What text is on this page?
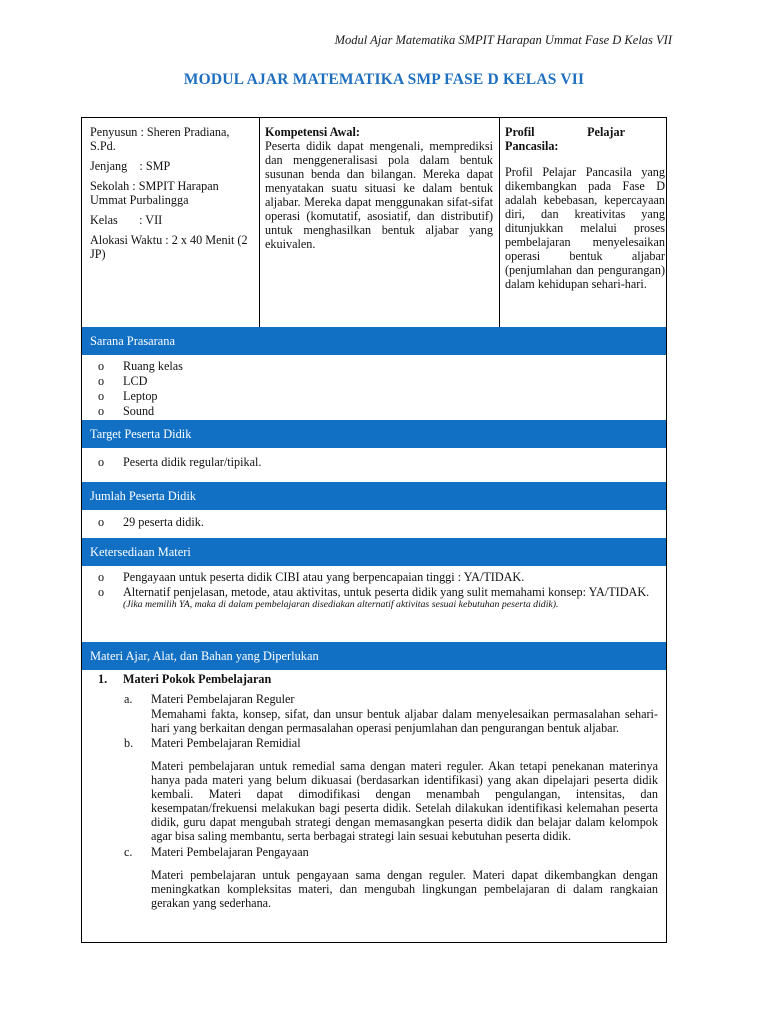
Modul Ajar Matematika SMPIT Harapan Ummat Fase D Kelas VII
MODUL AJAR MATEMATIKA SMP FASE D KELAS VII

Penyusun : Sheren Pradiana, S.Pd.

Jenjang    : SMP

Sekolah : SMPIT Harapan Ummat Purbalingga

Kelas       : VII

Alokasi Waktu : 2 x 40 Menit (2 JP)

Kompetensi Awal:
Peserta didik dapat mengenali, memprediksi dan menggeneralisasi pola dalam bentuk susunan benda dan bilangan. Mereka dapat menyatakan suatu situasi ke dalam bentuk aljabar. Mereka dapat menggunakan sifat-sifat operasi (komutatif, asosiatif, dan distributif) untuk menghasilkan bentuk aljabar yang ekuivalen.
Profil Pelajar Pancasila:
Profil Pelajar Pancasila yang dikembangkan pada Fase D adalah kebebasan, kepercayaan diri, dan kreativitas yang ditunjukkan melalui proses pembelajaran menyelesaikan operasi bentuk aljabar (penjumlahan dan pengurangan) dalam kehidupan sehari-hari.
Sarana Prasarana
o Ruang kelas
o LCD
o Leptop
o Sound
Target Peserta Didik
o Peserta didik regular/tipikal.
Jumlah Peserta Didik
o 29 peserta didik.
Ketersediaan Materi
o Pengayaan untuk peserta didik CIBI atau yang berpencapaian tinggi : YA/TIDAK.
o Alternatif penjelasan, metode, atau aktivitas, untuk peserta didik yang sulit memahami konsep: YA/TIDAK.
(Jika memilih YA, maka di dalam pembelajaran disediakan alternatif aktivitas sesuai kebutuhan peserta didik).
Materi Ajar, Alat, dan Bahan yang Diperlukan
1. Materi Pokok Pembelajaran
a. Materi Pembelajaran Reguler
Memahami fakta, konsep, sifat, dan unsur bentuk aljabar dalam menyelesaikan permasalahan sehari-hari yang berkaitan dengan permasalahan operasi penjumlahan dan pengurangan bentuk aljabar.
b. Materi Pembelajaran Remidial
Materi pembelajaran untuk remedial sama dengan materi reguler. Akan tetapi penekanan materinya hanya pada materi yang belum dikuasai (berdasarkan identifikasi) yang akan dipelajari peserta didik kembali. Materi dapat dimodifikasi dengan menambah pengulangan, intensitas, dan kesempatan/frekuensi melakukan bagi peserta didik. Setelah dilakukan identifikasi kelemahan peserta didik, guru dapat mengubah strategi dengan memasangkan peserta didik dan belajar dalam kelompok agar bisa saling membantu, serta berbagai strategi lain sesuai kebutuhan peserta didik.
c. Materi Pembelajaran Pengayaan
Materi pembelajaran untuk pengayaan sama dengan reguler. Materi dapat dikembangkan dengan meningkatkan kompleksitas materi, dan mengubah lingkungan pembelajaran di dalam rangkaian gerakan yang sederhana.
